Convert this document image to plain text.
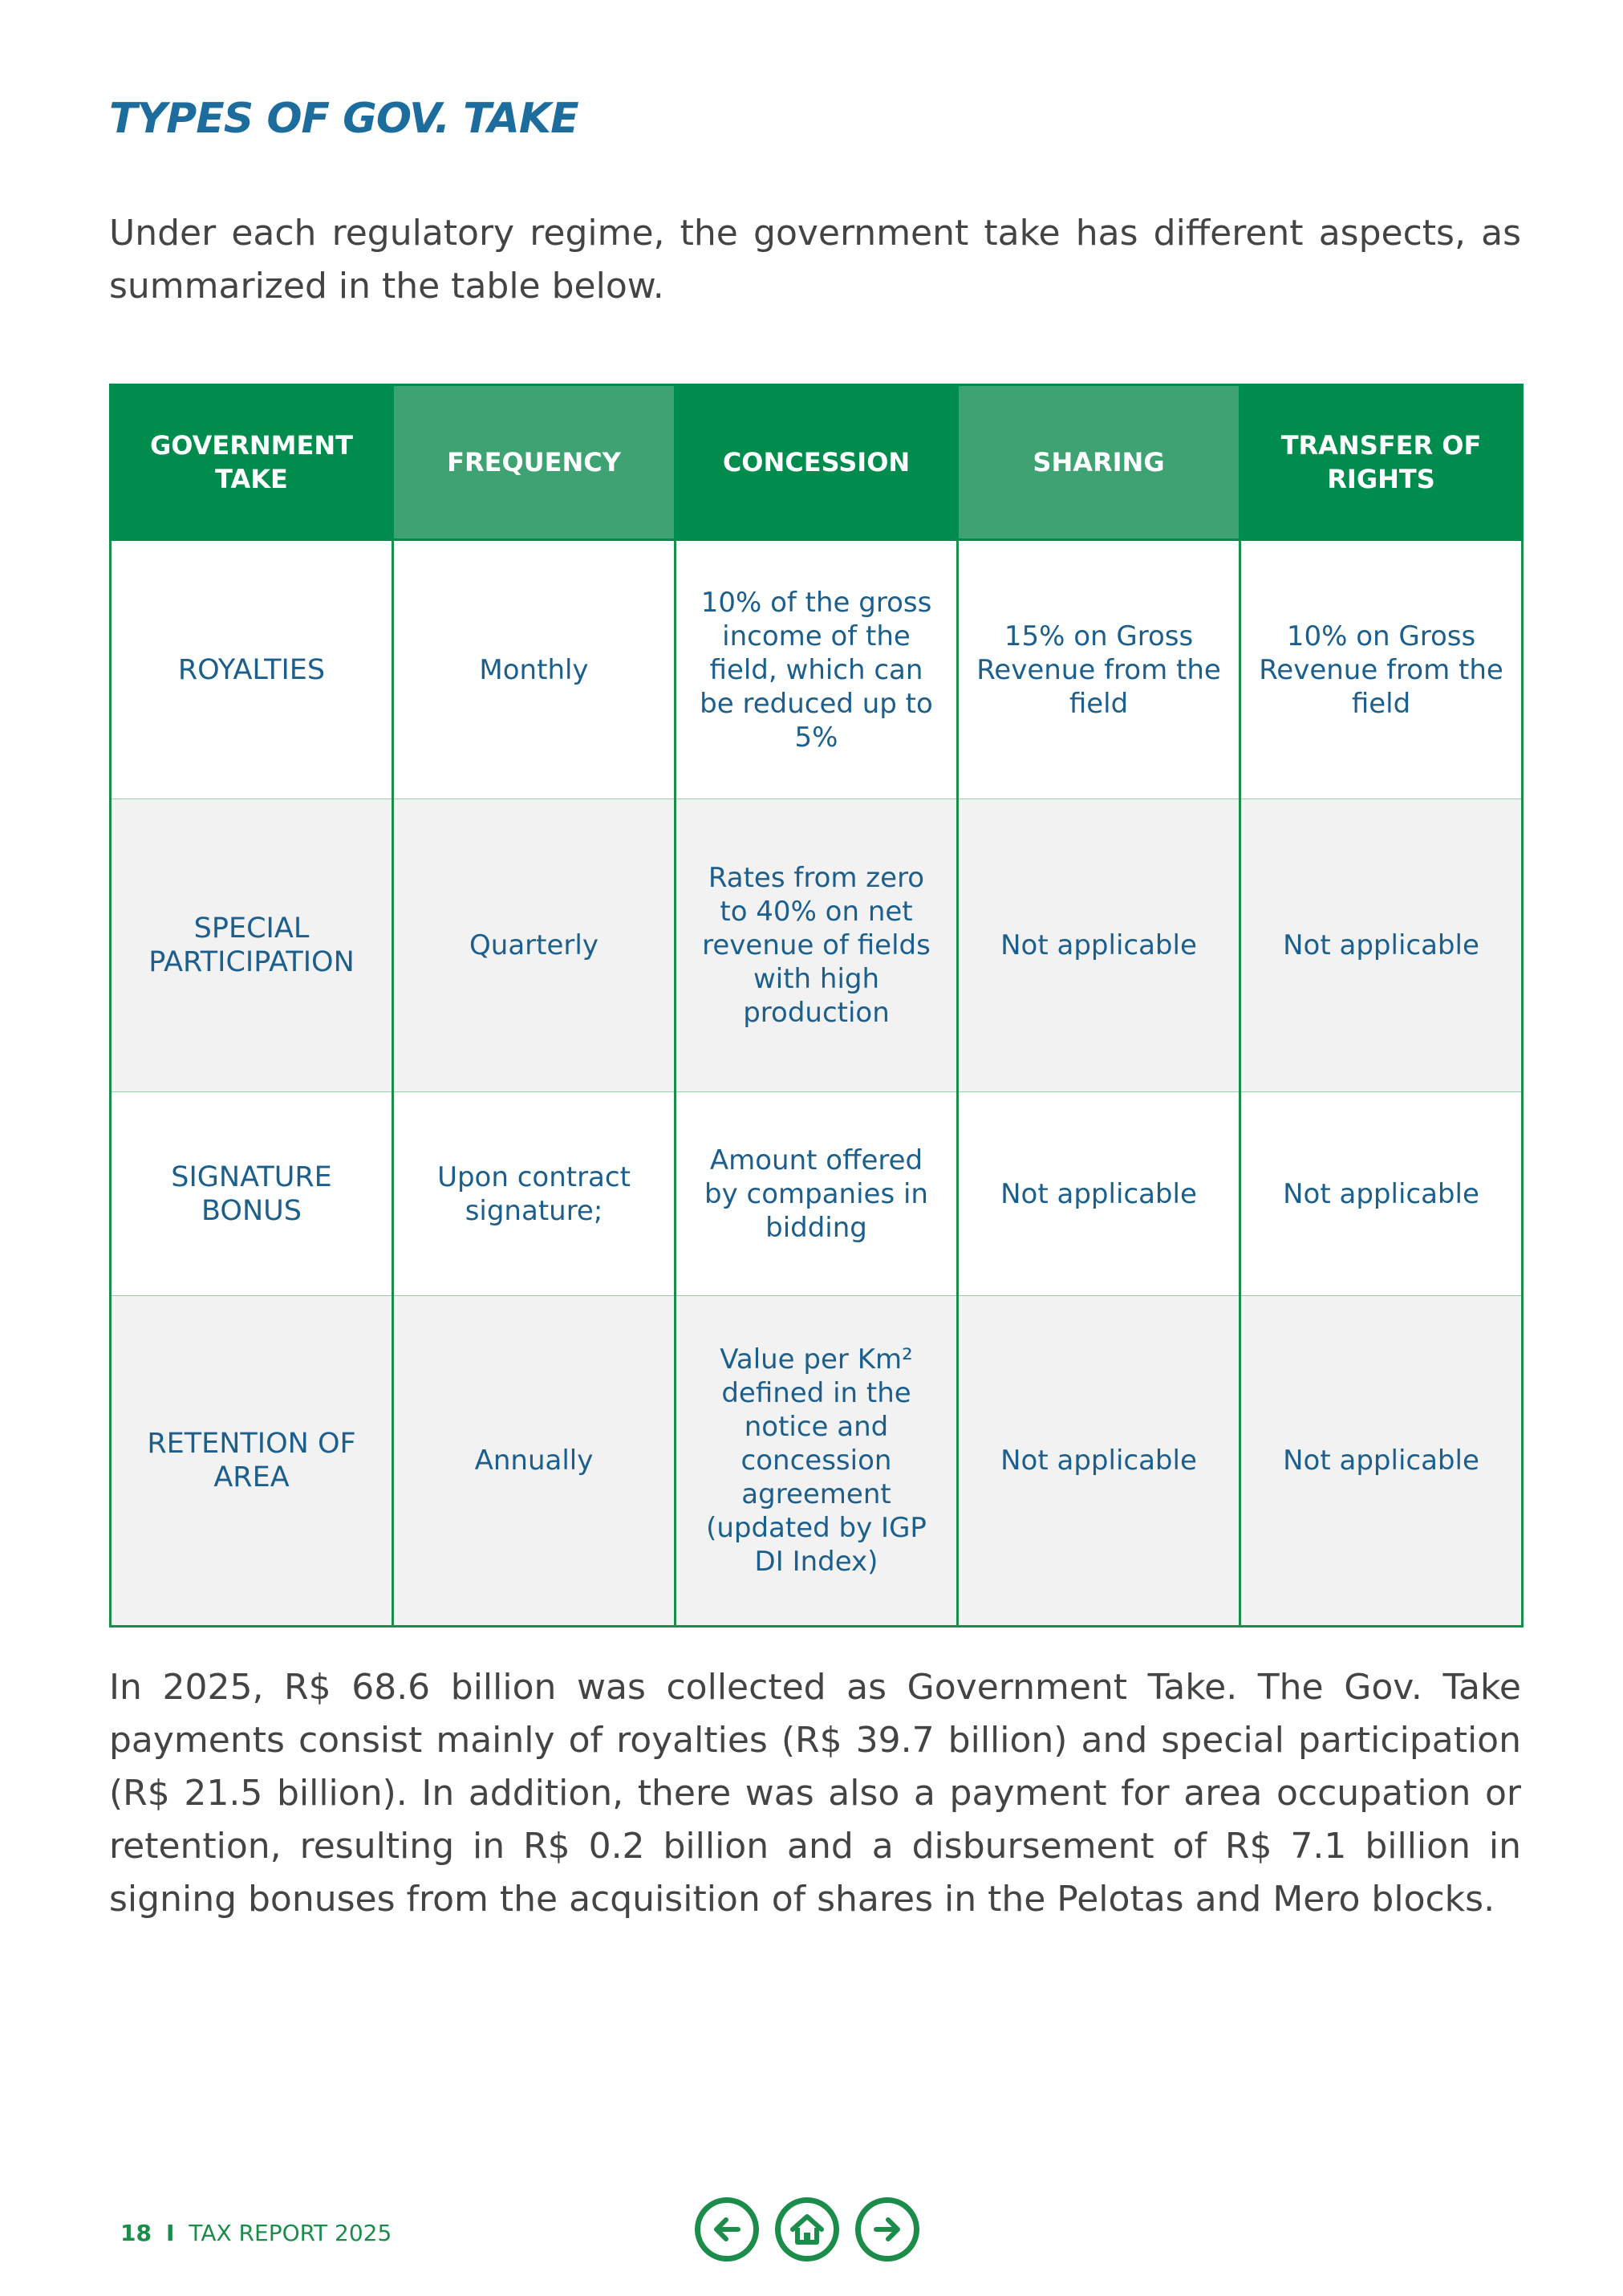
TYPES OF GOV. TAKE

Under each regulatory regime, the government take has different aspects, as summarized in the table below.

GOVERNMENT TAKE	FREQUENCY	CONCESSION	SHARING	TRANSFER OF RIGHTS
ROYALTIES	Monthly	10% of the gross income of the field, which can be reduced up to 5%	15% on Gross Revenue from the field	10% on Gross Revenue from the field
SPECIAL PARTICIPATION	Quarterly	Rates from zero to 40% on net revenue of fields with high production	Not applicable	Not applicable
SIGNATURE BONUS	Upon contract signature;	Amount offered by companies in bidding	Not applicable	Not applicable
RETENTION OF AREA	Annually	Value per Km² defined in the notice and concession agreement (updated by IGP DI Index)	Not applicable	Not applicable

In 2025, R$ 68.6 billion was collected as Government Take. The Gov. Take payments consist mainly of royalties (R$ 39.7 billion) and special participation (R$ 21.5 billion). In addition, there was also a payment for area occupation or retention, resulting in R$ 0.2 billion and a disbursement of R$ 7.1 billion in signing bonuses from the acquisition of shares in the Pelotas and Mero blocks.

18 I TAX REPORT 2025
